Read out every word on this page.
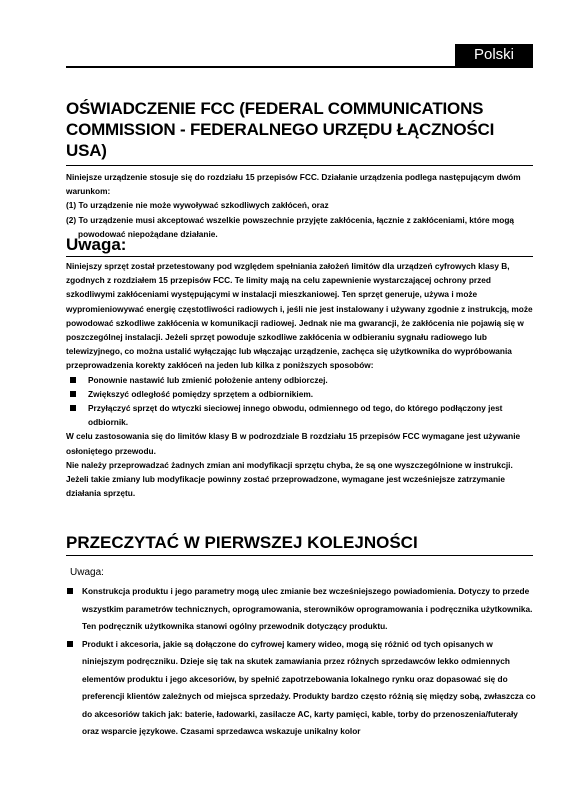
Polski
OŚWIADCZENIE FCC (FEDERAL COMMUNICATIONS COMMISSION - FEDERALNEGO URZĘDU ŁĄCZNOŚCI USA)

Niniejsze urządzenie stosuje się do rozdziału 15 przepisów FCC. Działanie urządzenia podlega następującym dwóm warunkom:

(1) To urządzenie nie może wywoływać szkodliwych zakłóceń, oraz

(2) To urządzenie musi akceptować wszelkie powszechnie przyjęte zakłócenia, łącznie z zakłóceniami, które mogą powodować niepożądane działanie.

Uwaga:

Niniejszy sprzęt został przetestowany pod względem spełniania założeń limitów dla urządzeń cyfrowych klasy B, zgodnych z rozdziałem 15 przepisów FCC. Te limity mają na celu zapewnienie wystarczającej ochrony przed szkodliwymi zakłóceniami występującymi w instalacji mieszkaniowej. Ten sprzęt generuje, używa i może wypromieniowywać energię częstotliwości radiowych i, jeśli nie jest instalowany i używany zgodnie z instrukcją, może powodować szkodliwe zakłócenia w komunikacji radiowej. Jednak nie ma gwarancji, że zakłócenia nie pojawią się w poszczególnej instalacji. Jeżeli sprzęt powoduje szkodliwe zakłócenia w odbieraniu sygnału radiowego lub telewizyjnego, co można ustalić wyłączając lub włączając urządzenie, zachęca się użytkownika do wypróbowania przeprowadzenia korekty zakłóceń na jeden lub kilka z poniższych sposobów:

Ponownie nastawić lub zmienić położenie anteny odbiorczej.
Zwiększyć odległość pomiędzy sprzętem a odbiornikiem.
Przyłączyć sprzęt do wtyczki sieciowej innego obwodu, odmiennego od tego, do którego podłączony jest odbiornik.

W celu zastosowania się do limitów klasy B w podrozdziale B rozdziału 15 przepisów FCC wymagane jest używanie osłoniętego przewodu.

Nie należy przeprowadzać żadnych zmian ani modyfikacji sprzętu chyba, że są one wyszczególnione w instrukcji. Jeżeli takie zmiany lub modyfikacje powinny zostać przeprowadzone, wymagane jest wcześniejsze zatrzymanie działania sprzętu.

PRZECZYTAĆ W PIERWSZEJ KOLEJNOŚCI
Uwaga:
Konstrukcja produktu i jego parametry mogą ulec zmianie bez wcześniejszego powiadomienia. Dotyczy to przede wszystkim parametrów technicznych, oprogramowania, sterowników oprogramowania i podręcznika użytkownika. Ten podręcznik użytkownika stanowi ogólny przewodnik dotyczący produktu.
Produkt i akcesoria, jakie są dołączone do cyfrowej kamery wideo, mogą się różnić od tych opisanych w niniejszym podręczniku. Dzieje się tak na skutek zamawiania przez różnych sprzedawców lekko odmiennych elementów produktu i jego akcesoriów, by spełnić zapotrzebowania lokalnego rynku oraz dopasować się do preferencji klientów zależnych od miejsca sprzedaży. Produkty bardzo często różnią się między sobą, zwłaszcza co do akcesoriów takich jak: baterie, ładowarki, zasilacze AC, karty pamięci, kable, torby do przenoszenia/futerały oraz wsparcie językowe. Czasami sprzedawca wskazuje unikalny kolor
